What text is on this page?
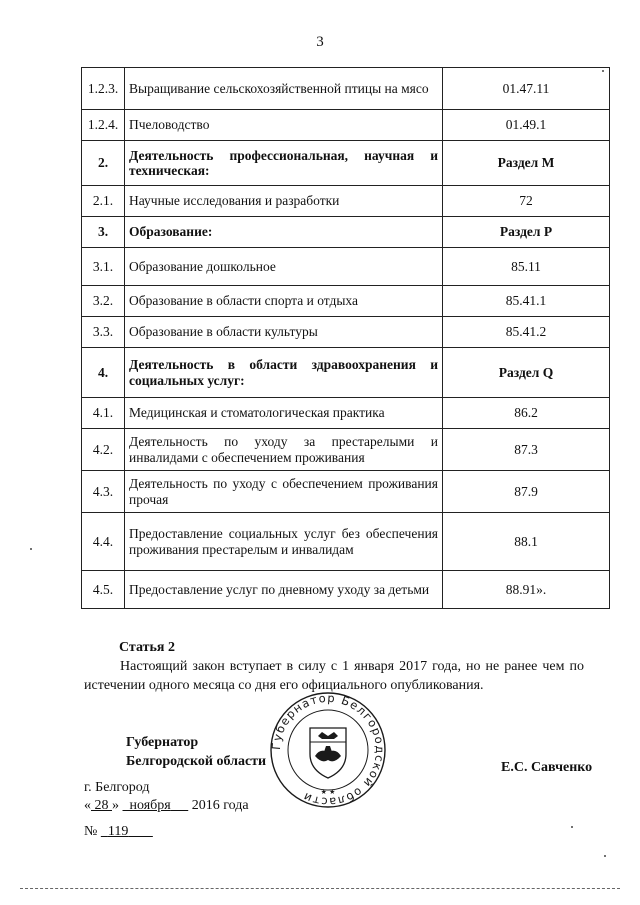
3
1.2.3.	Выращивание сельскохозяйственной птицы на мясо	01.47.11
1.2.4.	Пчеловодство	01.49.1
2.	Деятельность профессиональная, научная и техническая:	Раздел М
2.1.	Научные исследования и разработки	72
3.	Образование:	Раздел Р
3.1.	Образование дошкольное	85.11
3.2.	Образование в области спорта и отдыха	85.41.1
3.3.	Образование в области культуры	85.41.2
4.	Деятельность в области здравоохранения и социальных услуг:	Раздел Q
4.1.	Медицинская и стоматологическая практика	86.2
4.2.	Деятельность по уходу за престарелыми и инвалидами с обеспечением проживания	87.3
4.3.	Деятельность по уходу с обеспечением проживания прочая	87.9
4.4.	Предоставление социальных услуг без обеспечения проживания престарелым и инвалидам	88.1
4.5.	Предоставление услуг по дневному уходу за детьми	88.91».
Статья 2
Настоящий закон вступает в силу с 1 января 2017 года, но не ранее чем по истечении одного месяца со дня его официального опубликования.
Губернатор
Белгородской области
Губернатор Белгородской области ★ ★
Е.С. Савченко
г. Белгород
« 28 » ноября 2016 года
№ 119
